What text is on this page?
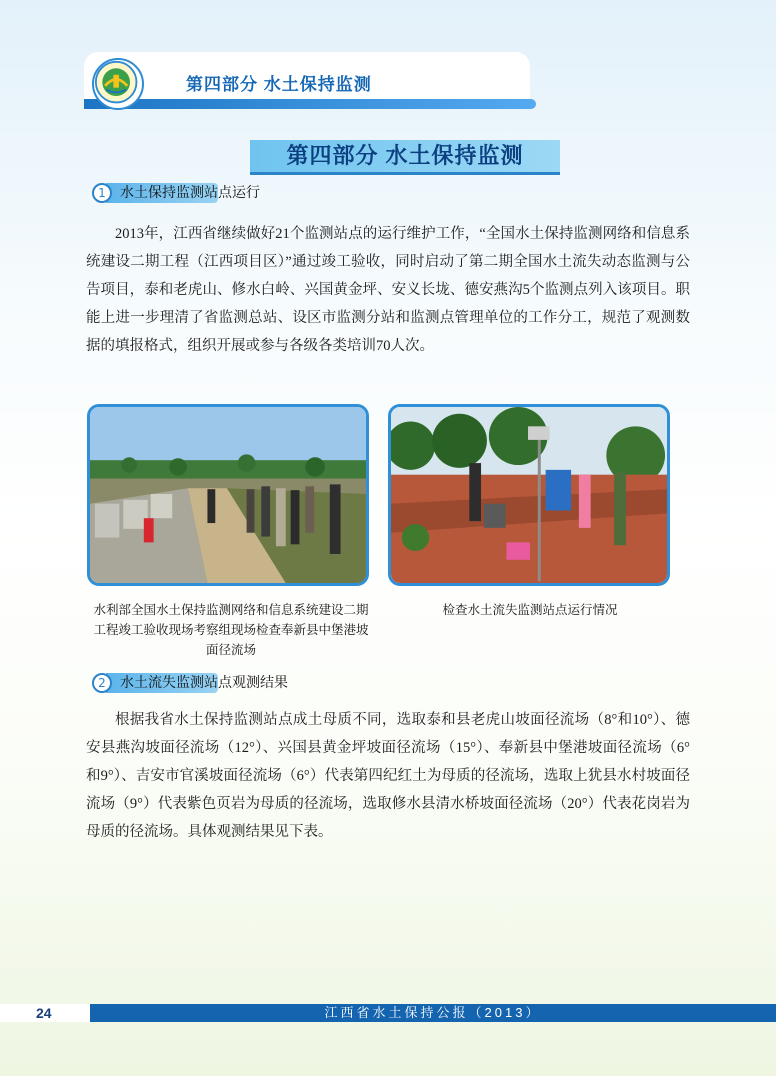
第四部分 水土保持监测
第四部分 水土保持监测
1	水土保持监测站点运行

2013年，江西省继续做好21个监测站点的运行维护工作，“全国水土保持监测网络和信息系统建设二期工程（江西项目区）”通过竣工验收，同时启动了第二期全国水土流失动态监测与公告项目，泰和老虎山、修水白岭、兴国黄金坪、安义长垅、德安燕沟5个监测点列入该项目。职能上进一步理清了省监测总站、设区市监测分站和监测点管理单位的工作分工，规范了观测数据的填报格式，组织开展或参与各级各类培训70人次。

水利部全国水土保持监测网络和信息系统建设二期
工程竣工验收现场考察组现场检查奉新县中堡港坡
面径流场
检查水土流失监测站点运行情况
2	水土流失监测站点观测结果

根据我省水土保持监测站点成土母质不同，选取泰和县老虎山坡面径流场（8°和10°）、德安县燕沟坡面径流场（12°）、兴国县黄金坪坡面径流场（15°）、奉新县中堡港坡面径流场（6°和9°）、吉安市官溪坡面径流场（6°）代表第四纪红土为母质的径流场，选取上犹县水村坡面径流场（9°）代表紫色页岩为母质的径流场，选取修水县清水桥坡面径流场（20°）代表花岗岩为母质的径流场。具体观测结果见下表。

24	江西省水土保持公报（2013）
